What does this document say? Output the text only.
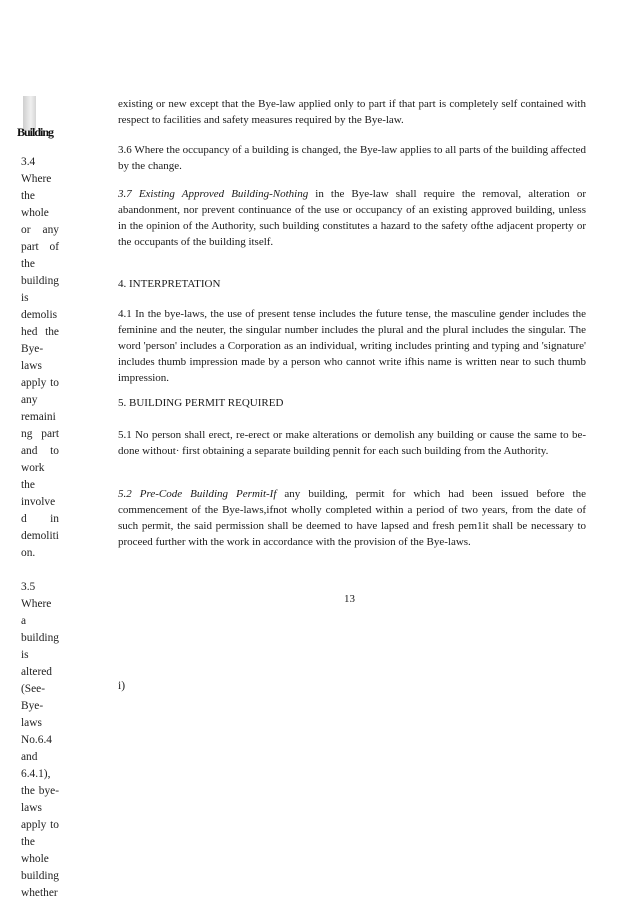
Building

3.4 Where the whole or any part of the building is demolished the Bye-laws apply to any remaining part and to work the involved in demolition.

3.5 Where a building is altered (See-Bye-laws No.6.4 and 6.4.1), the bye-laws apply to the whole building whether

existing or new except that the Bye-law applied only to part if that part is completely self contained with respect to facilities and safety measures required by the Bye-law.

3.6 Where the occupancy of a building is changed, the Bye-law applies to all parts of the building affected by the change.

3.7 Existing Approved Building-Nothing in the Bye-law shall require the removal, alteration or abandonment, nor prevent continuance of the use or occupancy of an existing approved building, unless in the opinion of the Authority, such building constitutes a hazard to the safety ofthe adjacent property or the occupants of the building itself.

4. INTERPRETATION

4.1 In the bye-laws, the use of present tense includes the future tense, the masculine gender includes the feminine and the neuter, the singular number includes the plural and the plural includes the singular. The word 'person' includes a Corporation as an individual, writing includes printing and typing and 'signature' includes thumb impression made by a person who cannot write ifhis name is written near to such thumb impression.

5. BUILDING PERMIT REQUIRED

5.1 No person shall erect, re-erect or make alterations or demolish any building or cause the same to be- done without· first obtaining a separate building pennit for each such building from the Authority.

5.2 Pre-Code Building Permit-If any building, permit for which had been issued before the commencement of the Bye-laws,ifnot wholly completed within a period of two years, from the date of such permit, the said permission shall be deemed to have lapsed and fresh pem1it shall be necessary to proceed further with the work in accordance with the provision of the Bye-laws.

13
i)
